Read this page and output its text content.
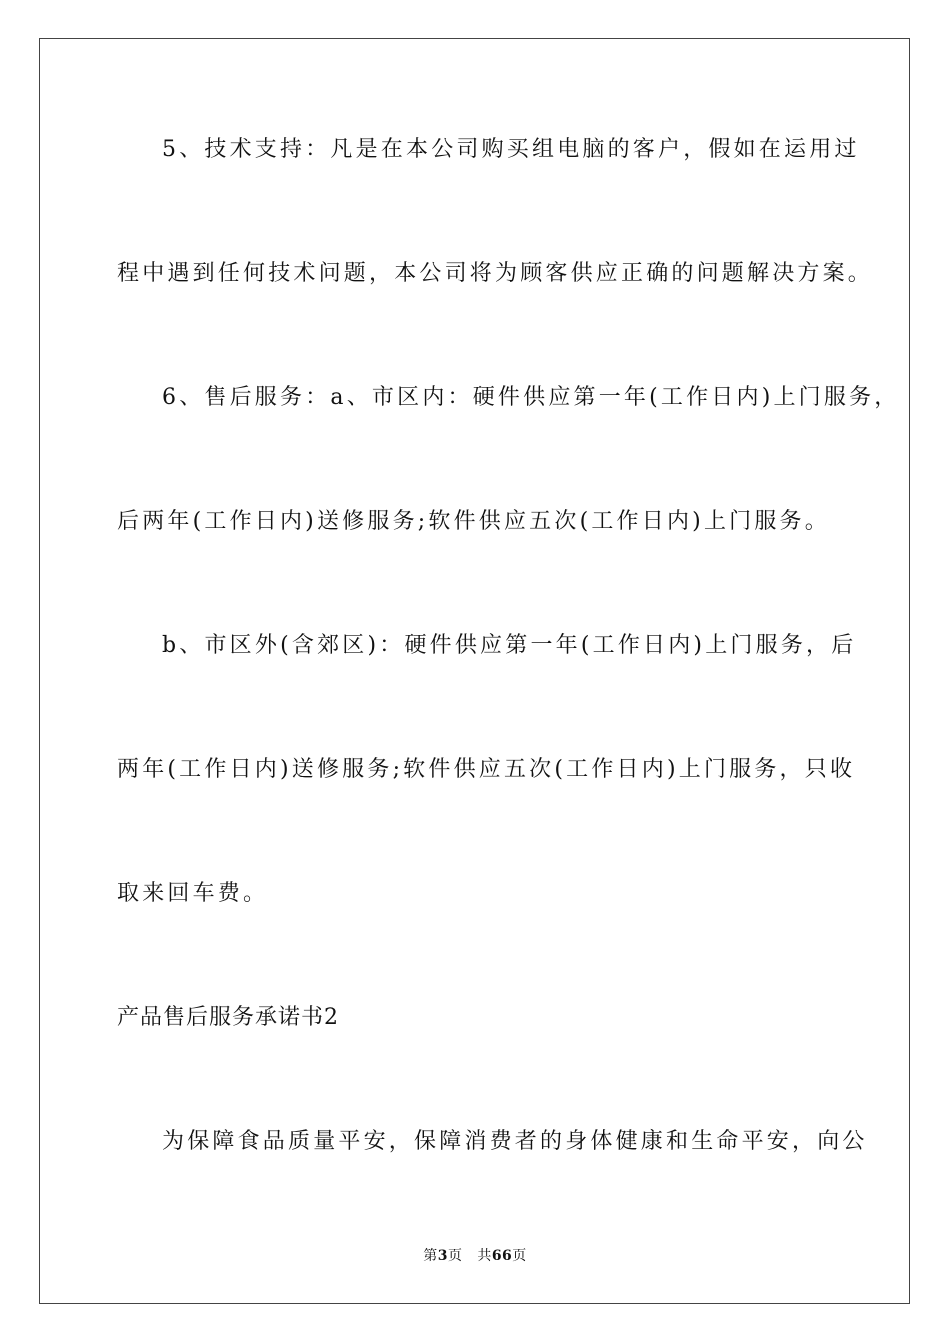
5、技术支持：凡是在本公司购买组电脑的客户，假如在运用过
程中遇到任何技术问题，本公司将为顾客供应正确的问题解决方案。
6、售后服务：a、市区内：硬件供应第一年(工作日内)上门服务，
后两年(工作日内)送修服务;软件供应五次(工作日内)上门服务。
b、市区外(含郊区)：硬件供应第一年(工作日内)上门服务，后
两年(工作日内)送修服务;软件供应五次(工作日内)上门服务，只收
取来回车费。
产品售后服务承诺书2
为保障食品质量平安，保障消费者的身体健康和生命平安，向公
第3页 共66页
